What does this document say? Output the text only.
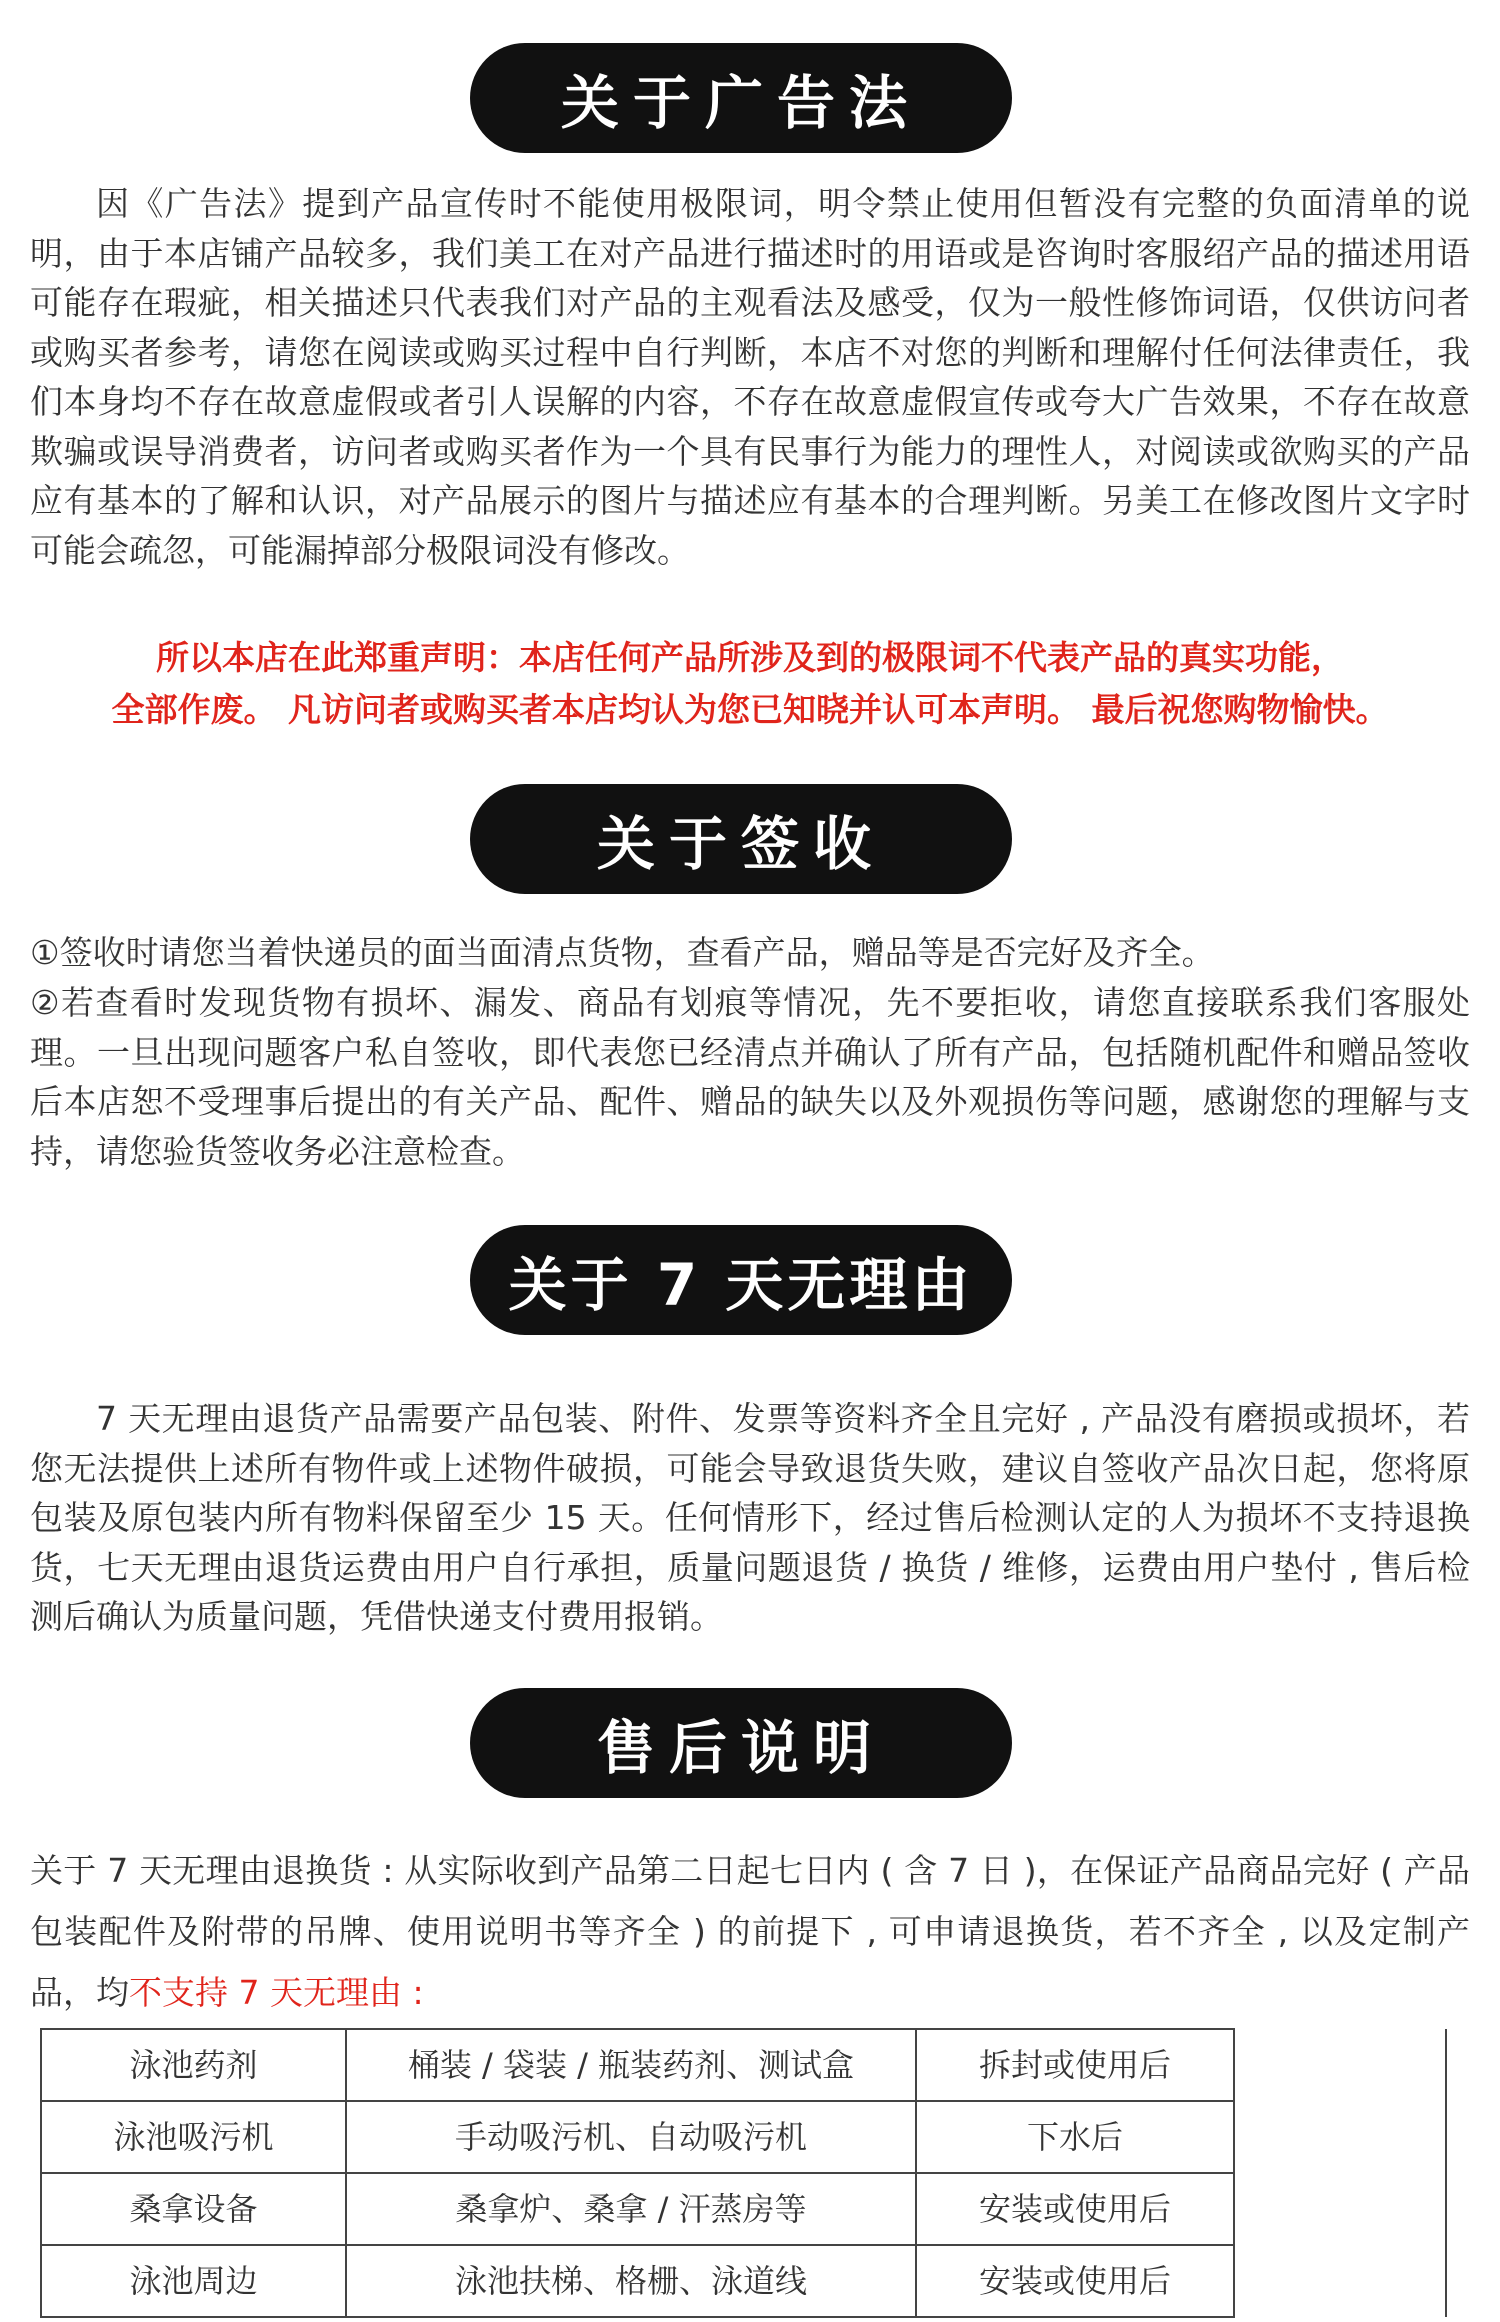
关于广告法

因《广告法》提到产品宣传时不能使用极限词，明令禁止使用但暂没有完整的负面清单的说明，由于本店铺产品较多，我们美工在对产品进行描述时的用语或是咨询时客服绍产品的描述用语可能存在瑕疵，相关描述只代表我们对产品的主观看法及感受，仅为一般性修饰词语，仅供访问者或购买者参考，请您在阅读或购买过程中自行判断，本店不对您的判断和理解付任何法律责任，我们本身均不存在故意虚假或者引人误解的内容，不存在故意虚假宣传或夸大广告效果，不存在故意欺骗或误导消费者，访问者或购买者作为一个具有民事行为能力的理性人，对阅读或欲购买的产品应有基本的了解和认识，对产品展示的图片与描述应有基本的合理判断。另美工在修改图片文字时可能会疏忽，可能漏掉部分极限词没有修改。

所以本店在此郑重声明：本店任何产品所涉及到的极限词不代表产品的真实功能，
全部作废。 凡访问者或购买者本店均认为您已知晓并认可本声明。 最后祝您购物愉快。
关于签收

①签收时请您当着快递员的面当面清点货物，查看产品，赠品等是否完好及齐全。

②若查看时发现货物有损坏、漏发、商品有划痕等情况，先不要拒收，请您直接联系我们客服处理。一旦出现问题客户私自签收，即代表您已经清点并确认了所有产品，包括随机配件和赠品签收后本店恕不受理事后提出的有关产品、配件、赠品的缺失以及外观损伤等问题，感谢您的理解与支持，请您验货签收务必注意检查。

关于 7 天无理由

7 天无理由退货产品需要产品包装、附件、发票等资料齐全且完好 , 产品没有磨损或损坏，若您无法提供上述所有物件或上述物件破损，可能会导致退货失败，建议自签收产品次日起，您将原包装及原包装内所有物料保留至少 15 天。任何情形下，经过售后检测认定的人为损坏不支持退换货，七天无理由退货运费由用户自行承担，质量问题退货 / 换货 / 维修，运费由用户垫付 , 售后检测后确认为质量问题，凭借快递支付费用报销。

售后说明

关于 7 天无理由退换货 : 从实际收到产品第二日起七日内 ( 含 7 日 )，在保证产品商品完好 ( 产品包装配件及附带的吊牌、使用说明书等齐全 ) 的前提下 , 可申请退换货，若不齐全 , 以及定制产品，均不支持 7 天无理由 :

泳池药剂	桶装 / 袋装 / 瓶装药剂、测试盒	拆封或使用后	
泳池吸污机	手动吸污机、自动吸污机	下水后	
桑拿设备	桑拿炉、桑拿 / 汗蒸房等	安装或使用后	
泳池周边	泳池扶梯、格栅、泳道线	安装或使用后	
